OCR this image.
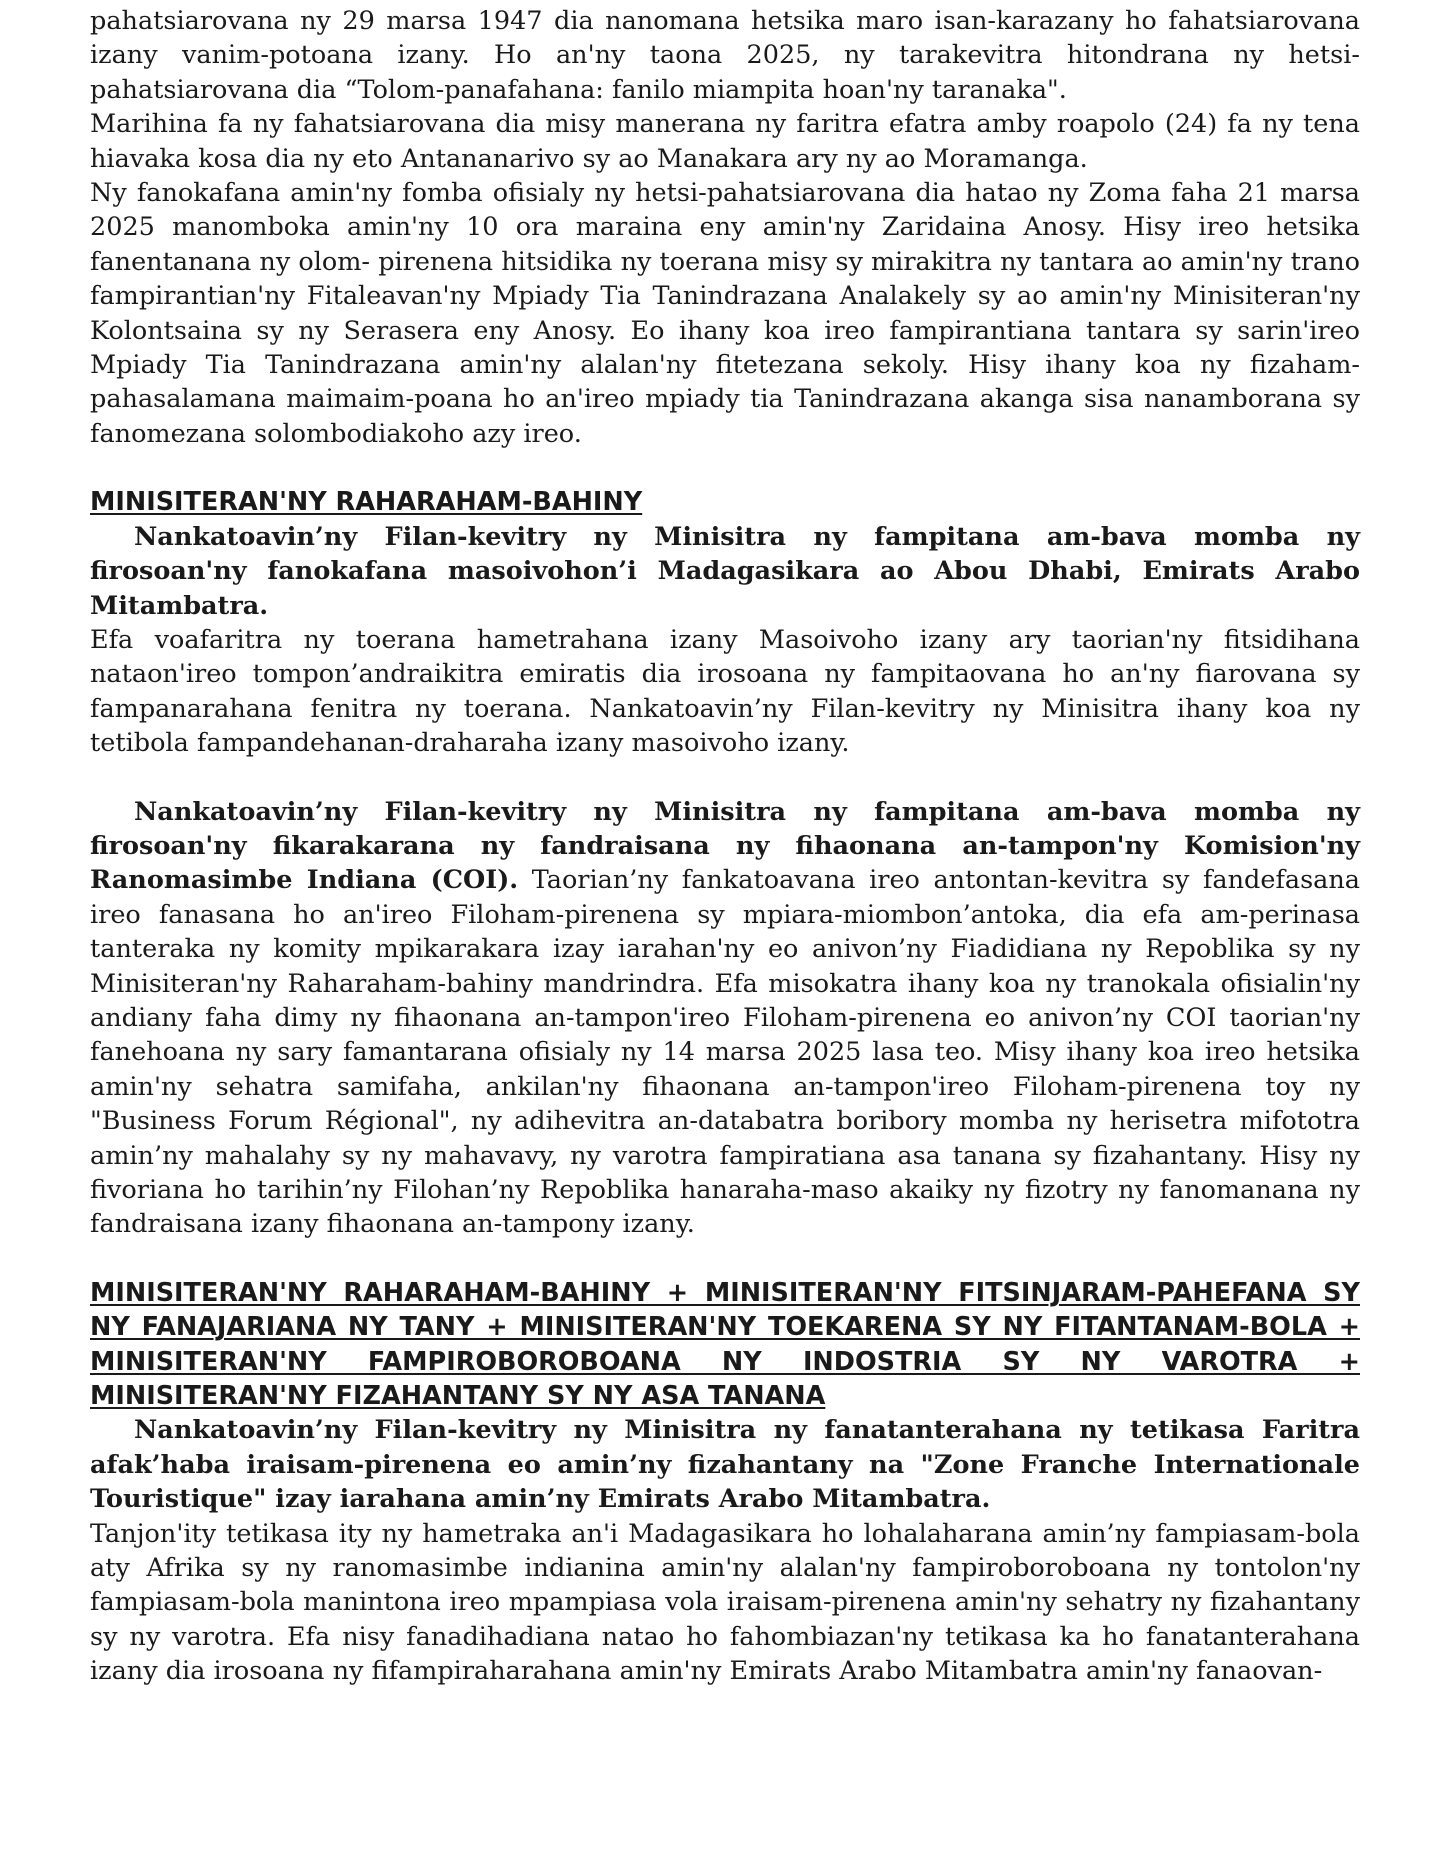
pahatsiarovana ny 29 marsa 1947 dia nanomana hetsika maro isan-karazany ho fahatsiarovana izany vanim-potoana izany. Ho an'ny taona 2025, ny tarakevitra hitondrana ny hetsi-pahatsiarovana dia “Tolom-panafahana: fanilo miampita hoan'ny taranaka".

Marihina fa ny fahatsiarovana dia misy manerana ny faritra efatra amby roapolo (24) fa ny tena hiavaka kosa dia ny eto Antananarivo sy ao Manakara ary ny ao Moramanga.

Ny fanokafana amin'ny fomba ofisialy ny hetsi-pahatsiarovana dia hatao ny Zoma faha 21 marsa 2025 manomboka amin'ny 10 ora maraina eny amin'ny Zaridaina Anosy. Hisy ireo hetsika fanentanana ny olom- pirenena hitsidika ny toerana misy sy mirakitra ny tantara ao amin'ny trano fampirantian'ny Fitaleavan'ny Mpiady Tia Tanindrazana Analakely sy ao amin'ny Minisiteran'ny Kolontsaina sy ny Serasera eny Anosy. Eo ihany koa ireo fampirantiana tantara sy sarin'ireo Mpiady Tia Tanindrazana amin'ny alalan'ny fitetezana sekoly. Hisy ihany koa ny fizaham-pahasalamana maimaim-poana ho an'ireo mpiady tia Tanindrazana akanga sisa nanamborana sy fanomezana solombodiakoho azy ireo.

MINISITERAN'NY RAHARAHAM-BAHINY

Nankatoavin’ny Filan-kevitry ny Minisitra ny fampitana am-bava momba ny firosoan'ny fanokafana masoivohon’i Madagasikara ao Abou Dhabi, Emirats Arabo Mitambatra.

Efa voafaritra ny toerana hametrahana izany Masoivoho izany ary taorian'ny fitsidihana nataon'ireo tompon’andraikitra emiratis dia irosoana ny fampitaovana ho an'ny fiarovana sy fampanarahana fenitra ny toerana. Nankatoavin’ny Filan-kevitry ny Minisitra ihany koa ny tetibola fampandehanan-draharaha izany masoivoho izany.

Nankatoavin’ny Filan-kevitry ny Minisitra ny fampitana am-bava momba ny firosoan'ny fikarakarana ny fandraisana ny fihaonana an-tampon'ny Komision'ny Ranomasimbe Indiana (COI). Taorian’ny fankatoavana ireo antontan-kevitra sy fandefasana ireo fanasana ho an'ireo Filoham-pirenena sy mpiara-miombon’antoka, dia efa am-perinasa tanteraka ny komity mpikarakara izay iarahan'ny eo anivon’ny Fiadidiana ny Repoblika sy ny Minisiteran'ny Raharaham-bahiny mandrindra. Efa misokatra ihany koa ny tranokala ofisialin'ny andiany faha dimy ny fihaonana an-tampon'ireo Filoham-pirenena eo anivon’ny COI taorian'ny fanehoana ny sary famantarana ofisialy ny 14 marsa 2025 lasa teo. Misy ihany koa ireo hetsika amin'ny sehatra samifaha, ankilan'ny fihaonana an-tampon'ireo Filoham-pirenena toy ny "Business Forum Régional", ny adihevitra an-databatra boribory momba ny herisetra mifototra amin’ny mahalahy sy ny mahavavy, ny varotra fampiratiana asa tanana sy fizahantany. Hisy ny fivoriana ho tarihin’ny Filohan’ny Repoblika hanaraha-maso akaiky ny fizotry ny fanomanana ny fandraisana izany fihaonana an-tampony izany.

MINISITERAN'NY RAHARAHAM-BAHINY + MINISITERAN'NY FITSINJARAM-PAHEFANA SY NY FANAJARIANA NY TANY + MINISITERAN'NY TOEKARENA SY NY FITANTANAM-BOLA + MINISITERAN'NY FAMPIROBOROBOANA NY INDOSTRIA SY NY VAROTRA + MINISITERAN'NY FIZAHANTANY SY NY ASA TANANA

Nankatoavin’ny Filan-kevitry ny Minisitra ny fanatanterahana ny tetikasa Faritra afak’haba iraisam-pirenena eo amin’ny fizahantany na "Zone Franche Internationale Touristique" izay iarahana amin’ny Emirats Arabo Mitambatra.

Tanjon'ity tetikasa ity ny hametraka an'i Madagasikara ho lohalaharana amin’ny fampiasam-bola aty Afrika sy ny ranomasimbe indianina amin'ny alalan'ny fampiroboroboana ny tontolon'ny fampiasam-bola manintona ireo mpampiasa vola iraisam-pirenena amin'ny sehatry ny fizahantany sy ny varotra. Efa nisy fanadihadiana natao ho fahombiazan'ny tetikasa ka ho fanatanterahana izany dia irosoana ny fifampiraharahana amin'ny Emirats Arabo Mitambatra amin'ny fanaovan-
